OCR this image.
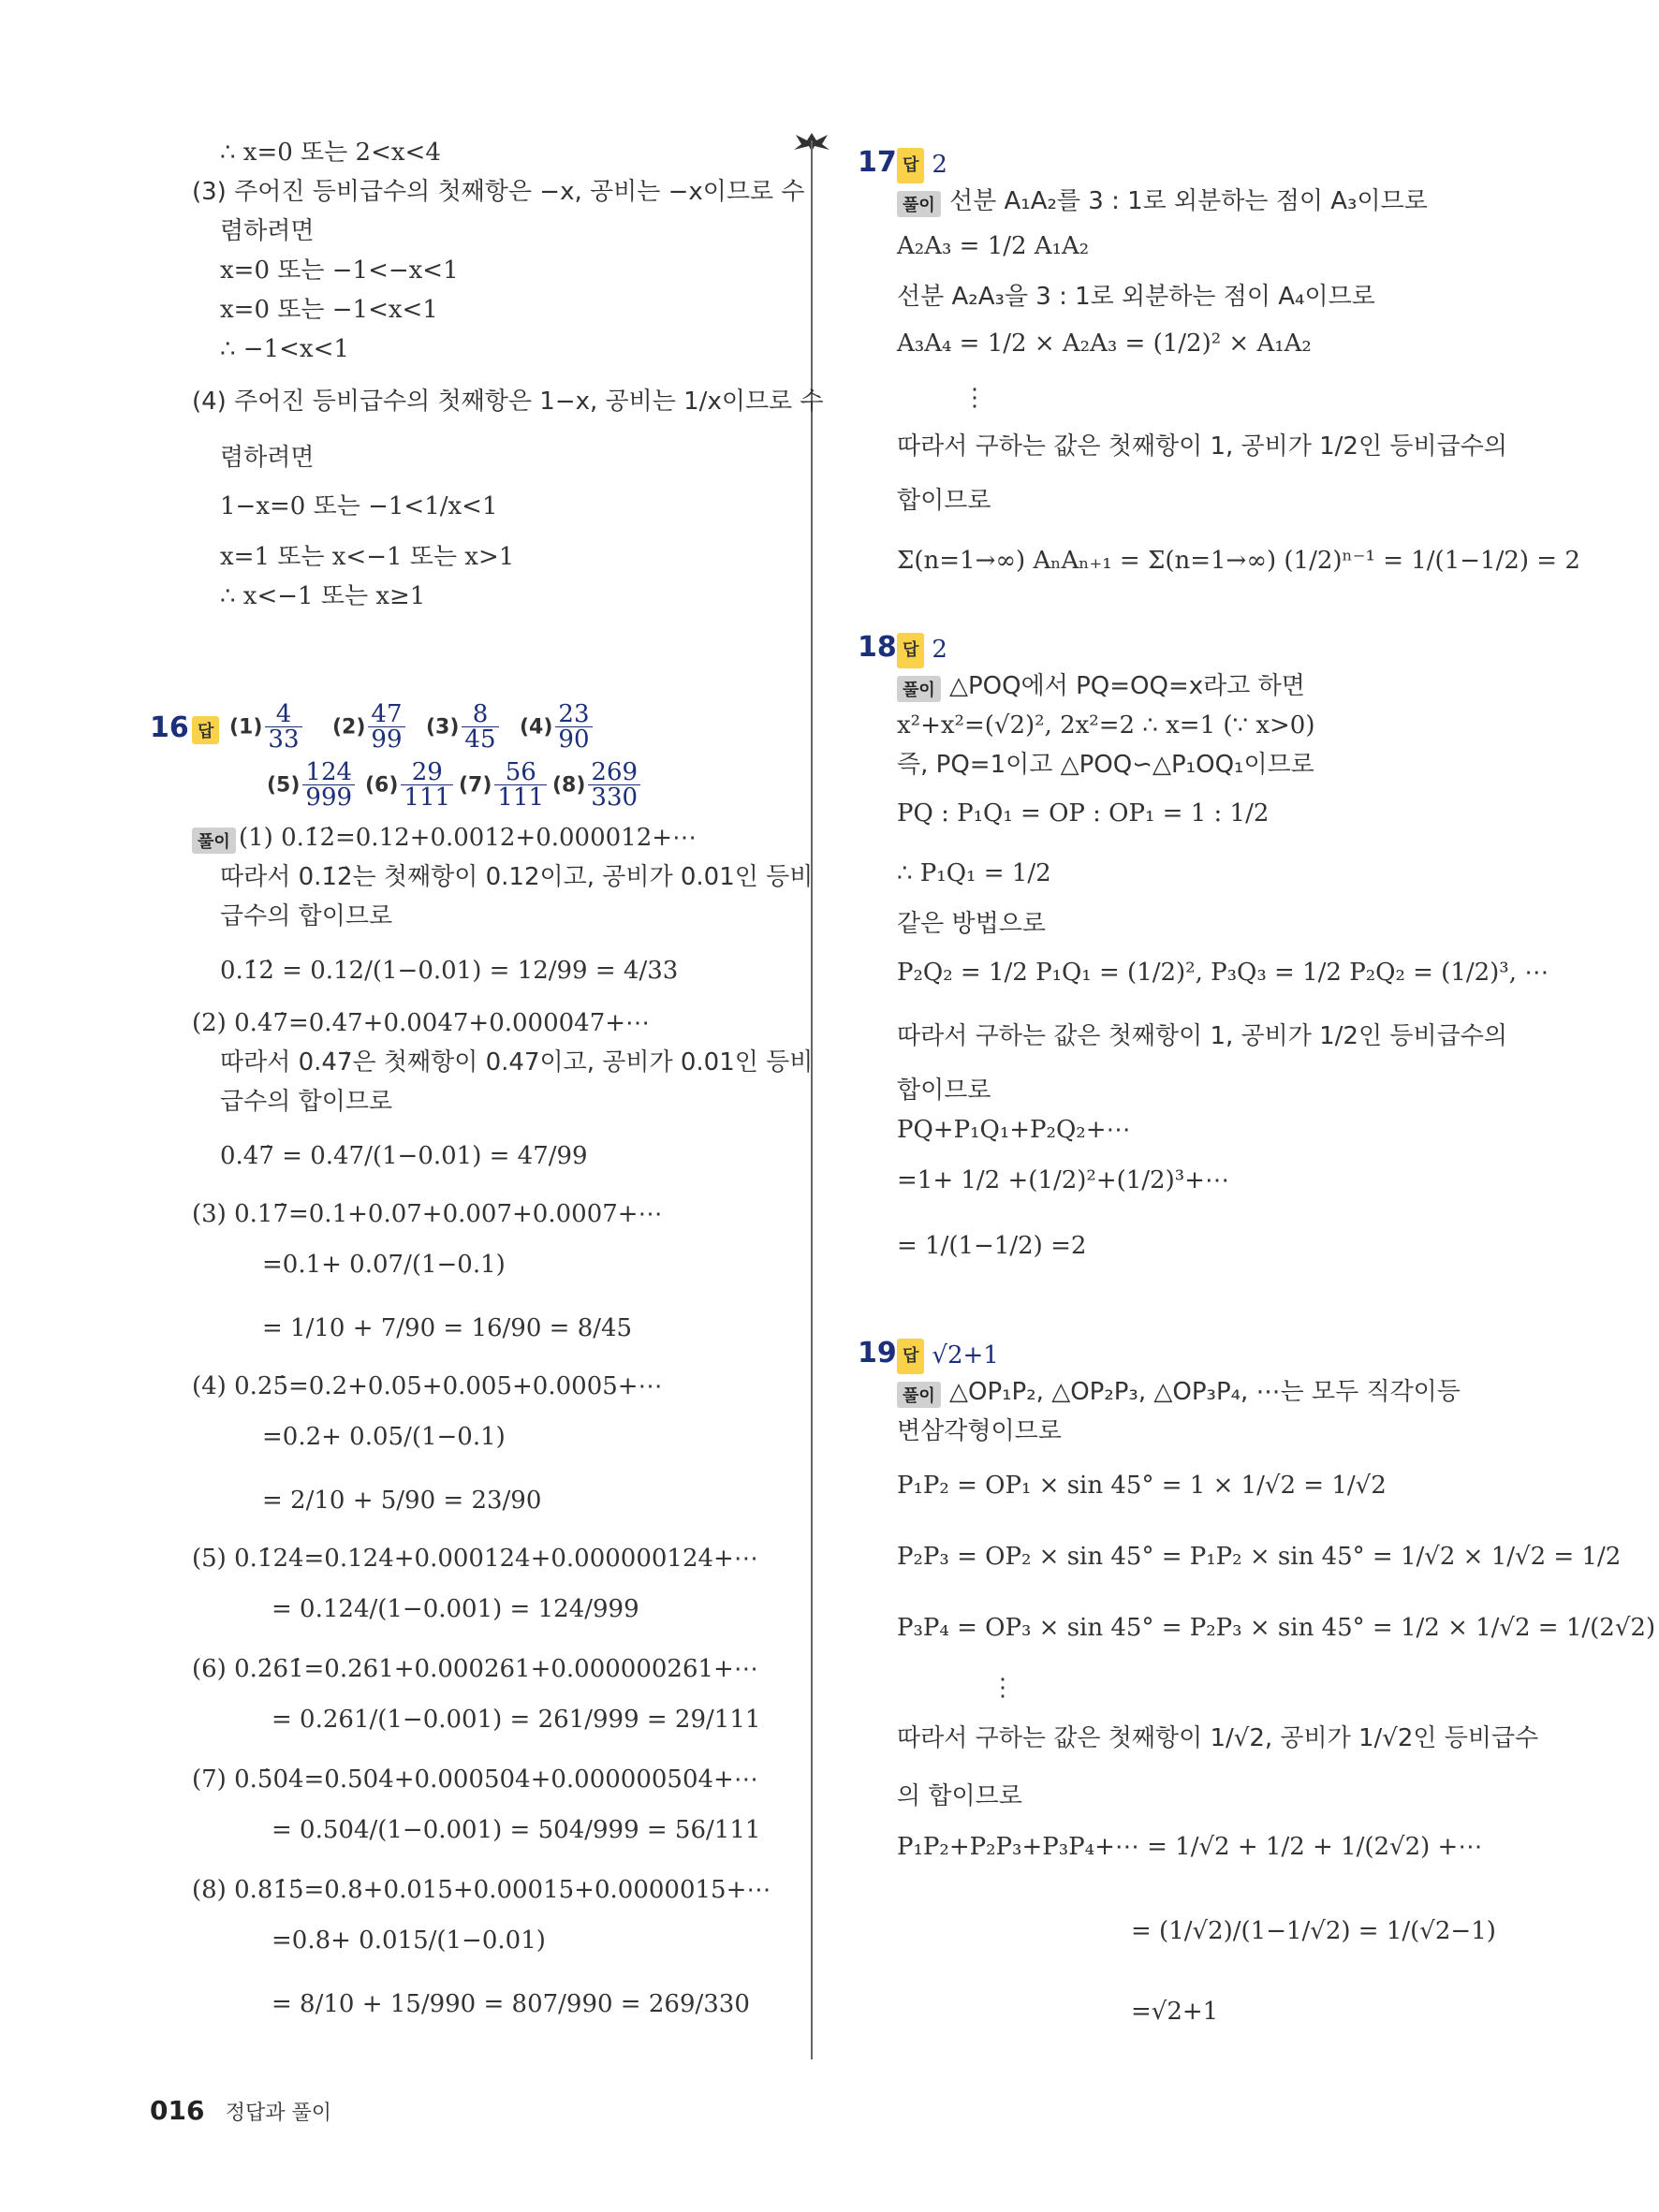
∴ x=0 또는 2<x<4
(3) 주어진 등비급수의 첫째항은 −x, 공비는 −x이므로 수
렴하려면
x=0 또는 −1<−x<1
x=0 또는 −1<x<1
∴ −1<x<1
(4) 주어진 등비급수의 첫째항은 1−x, 공비는 1/x이므로 수
렴하려면
1−x=0 또는 −1<1/x<1
x=1 또는 x<−1 또는 x>1
∴ x<−1 또는 x≥1
16 답 $(1) \frac{4}{33} (2) \frac{47}{99} (3) \frac{8}{45} (4) \frac{23}{90}$
$(5) \frac{124}{999} (6) \frac{29}{111} (7) \frac{56}{111} (8) \frac{269}{330}$
풀이 (1) 0.1̇2̇=0.12+0.0012+0.000012+⋯
따라서 0.1̇2̇는 첫째항이 0.12이고, 공비가 0.01인 등비
급수의 합이므로
0.1̇2̇ = 0.12/(1−0.01) = 12/99 = 4/33
(2) 0.4̇7̇=0.47+0.0047+0.000047+⋯
따라서 0.4̇7̇은 첫째항이 0.47이고, 공비가 0.01인 등비
급수의 합이므로
0.4̇7̇ = 0.47/(1−0.01) = 47/99
(3) 0.17̇=0.1+0.07+0.007+0.0007+⋯
=0.1+ 0.07/(1−0.1)
= 1/10 + 7/90 = 16/90 = 8/45
(4) 0.25̇=0.2+0.05+0.005+0.0005+⋯
=0.2+ 0.05/(1−0.1)
= 2/10 + 5/90 = 23/90
(5) 0.1̇24̇=0.124+0.000124+0.000000124+⋯
= 0.124/(1−0.001) = 124/999
(6) 0.2̇61̇=0.261+0.000261+0.000000261+⋯
= 0.261/(1−0.001) = 261/999 = 29/111
(7) 0.5̇04̇=0.504+0.000504+0.000000504+⋯
= 0.504/(1−0.001) = 504/999 = 56/111
(8) 0.81̇5̇=0.8+0.015+0.00015+0.0000015+⋯
=0.8+ 0.015/(1−0.01)
= 8/10 + 15/990 = 807/990 = 269/330
17 답 2
풀이 선분 A₁A₂를 3 : 1로 외분하는 점이 A₃이므로
A₂A₃ = 1/2 A₁A₂
선분 A₂A₃을 3 : 1로 외분하는 점이 A₄이므로
A₃A₄ = 1/2 × A₂A₃ = (1/2)² × A₁A₂
⋮
따라서 구하는 값은 첫째항이 1, 공비가 1/2인 등비급수의
합이므로
Σ(n=1→∞) AₙAₙ₊₁ = Σ(n=1→∞) (1/2)ⁿ⁻¹ = 1/(1−1/2) = 2
18 답 2
풀이 △POQ에서 PQ=OQ=x라고 하면
x²+x²=(√2)², 2x²=2 ∴ x=1 (∵ x>0)
즉, PQ=1이고 △POQ∽△P₁OQ₁이므로
PQ : P₁Q₁ = OP : OP₁ = 1 : 1/2
∴ P₁Q₁ = 1/2
같은 방법으로
P₂Q₂ = 1/2 P₁Q₁ = (1/2)², P₃Q₃ = 1/2 P₂Q₂ = (1/2)³, ⋯
따라서 구하는 값은 첫째항이 1, 공비가 1/2인 등비급수의
합이므로
PQ+P₁Q₁+P₂Q₂+⋯
=1+ 1/2 +(1/2)²+(1/2)³+⋯
= 1/(1−1/2) =2
19 답 √2+1
풀이 △OP₁P₂, △OP₂P₃, △OP₃P₄, ⋯는 모두 직각이등
변삼각형이므로
P₁P₂ = OP₁ × sin 45° = 1 × 1/√2 = 1/√2
P₂P₃ = OP₂ × sin 45° = P₁P₂ × sin 45° = 1/√2 × 1/√2 = 1/2
P₃P₄ = OP₃ × sin 45° = P₂P₃ × sin 45° = 1/2 × 1/√2 = 1/(2√2)
⋮
따라서 구하는 값은 첫째항이 1/√2, 공비가 1/√2인 등비급수
의 합이므로
P₁P₂+P₂P₃+P₃P₄+⋯ = 1/√2 + 1/2 + 1/(2√2) +⋯
= (1/√2)/(1−1/√2) = 1/(√2−1)
=√2+1
016 정답과 풀이
